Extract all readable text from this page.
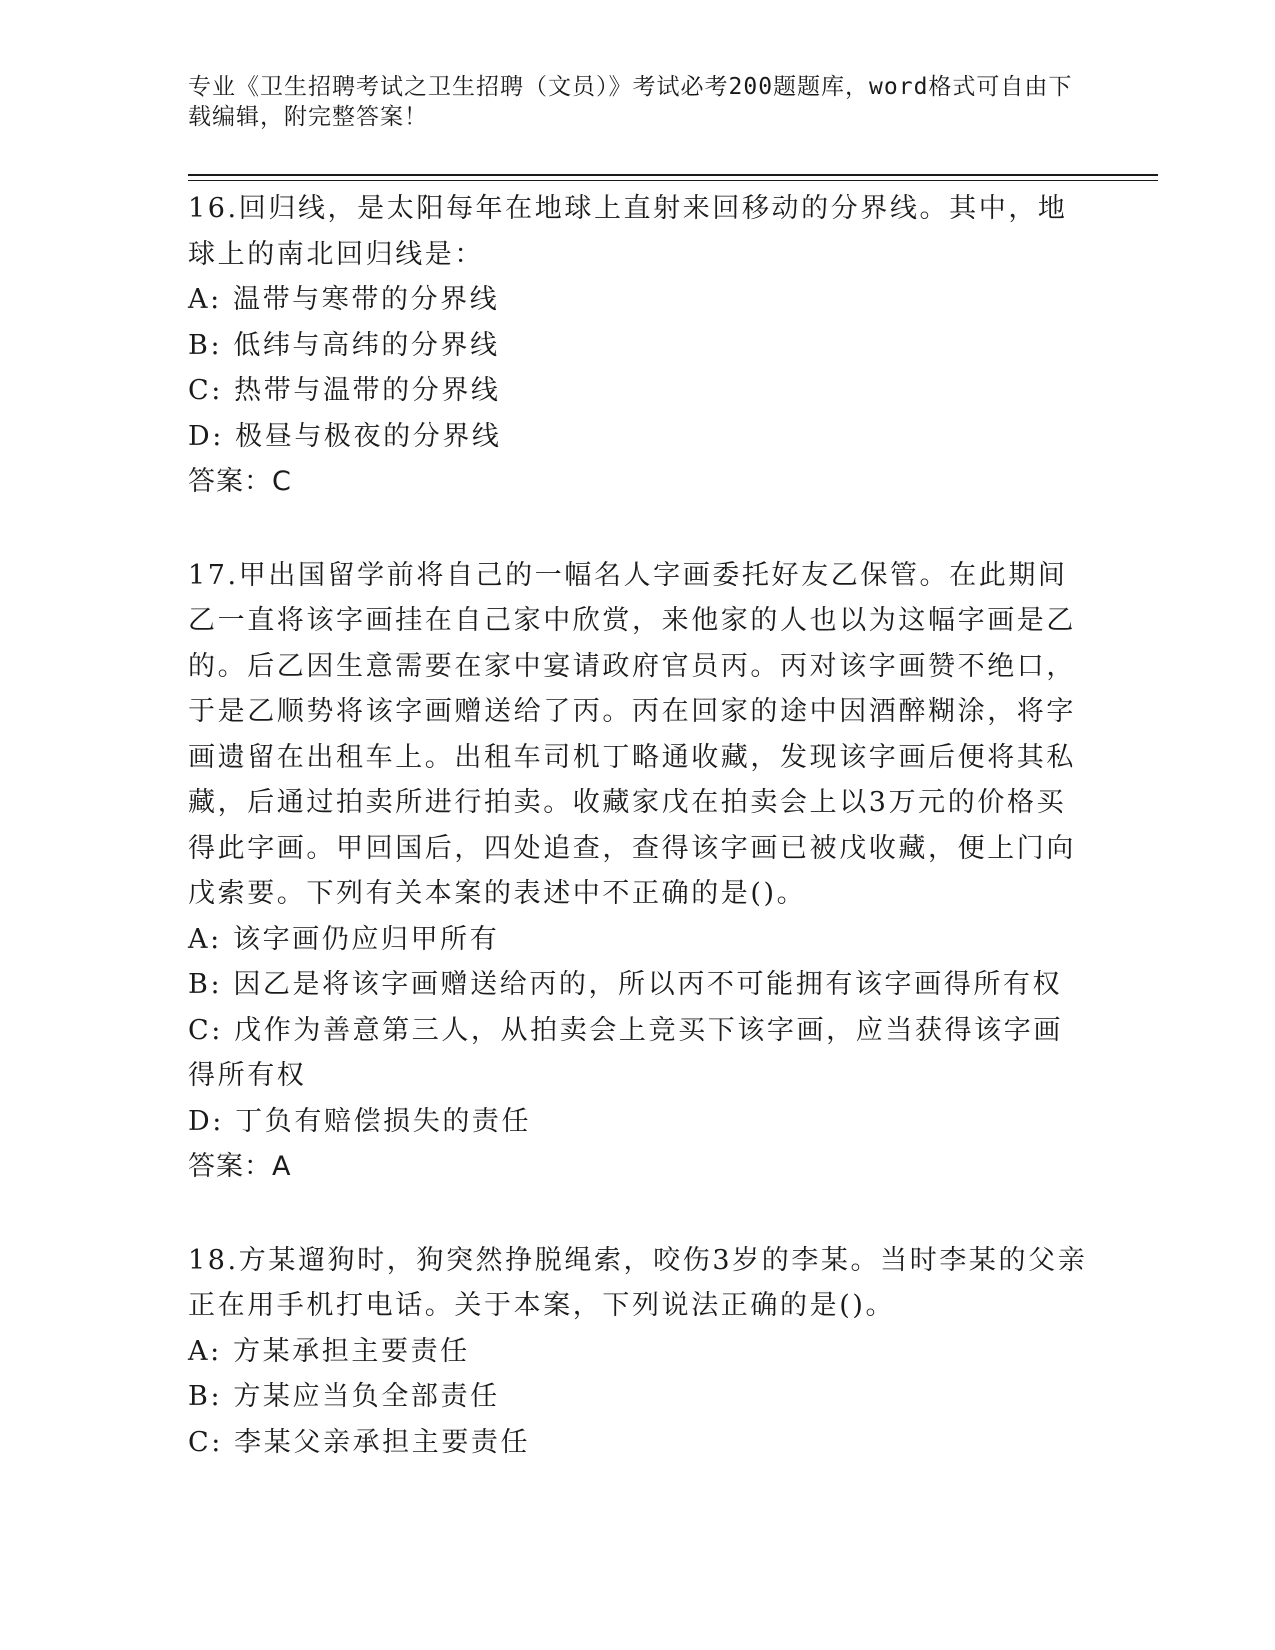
专业《卫生招聘考试之卫生招聘（文员）》考试必考200题题库，word格式可自由下载编辑，附完整答案！

16.回归线，是太阳每年在地球上直射来回移动的分界线。其中，地球上的南北回归线是：

A: 温带与寒带的分界线

B: 低纬与高纬的分界线

C: 热带与温带的分界线

D: 极昼与极夜的分界线

答案：C

17.甲出国留学前将自己的一幅名人字画委托好友乙保管。在此期间乙一直将该字画挂在自己家中欣赏，来他家的人也以为这幅字画是乙的。后乙因生意需要在家中宴请政府官员丙。丙对该字画赞不绝口，于是乙顺势将该字画赠送给了丙。丙在回家的途中因酒醉糊涂，将字画遗留在出租车上。出租车司机丁略通收藏，发现该字画后便将其私藏，后通过拍卖所进行拍卖。收藏家戊在拍卖会上以3万元的价格买得此字画。甲回国后，四处追查，查得该字画已被戊收藏，便上门向戊索要。下列有关本案的表述中不正确的是()。

A: 该字画仍应归甲所有

B: 因乙是将该字画赠送给丙的，所以丙不可能拥有该字画得所有权

C: 戊作为善意第三人，从拍卖会上竞买下该字画，应当获得该字画得所有权

D: 丁负有赔偿损失的责任

答案：A

18.方某遛狗时，狗突然挣脱绳索，咬伤3岁的李某。当时李某的父亲正在用手机打电话。关于本案，下列说法正确的是()。

A: 方某承担主要责任

B: 方某应当负全部责任

C: 李某父亲承担主要责任
